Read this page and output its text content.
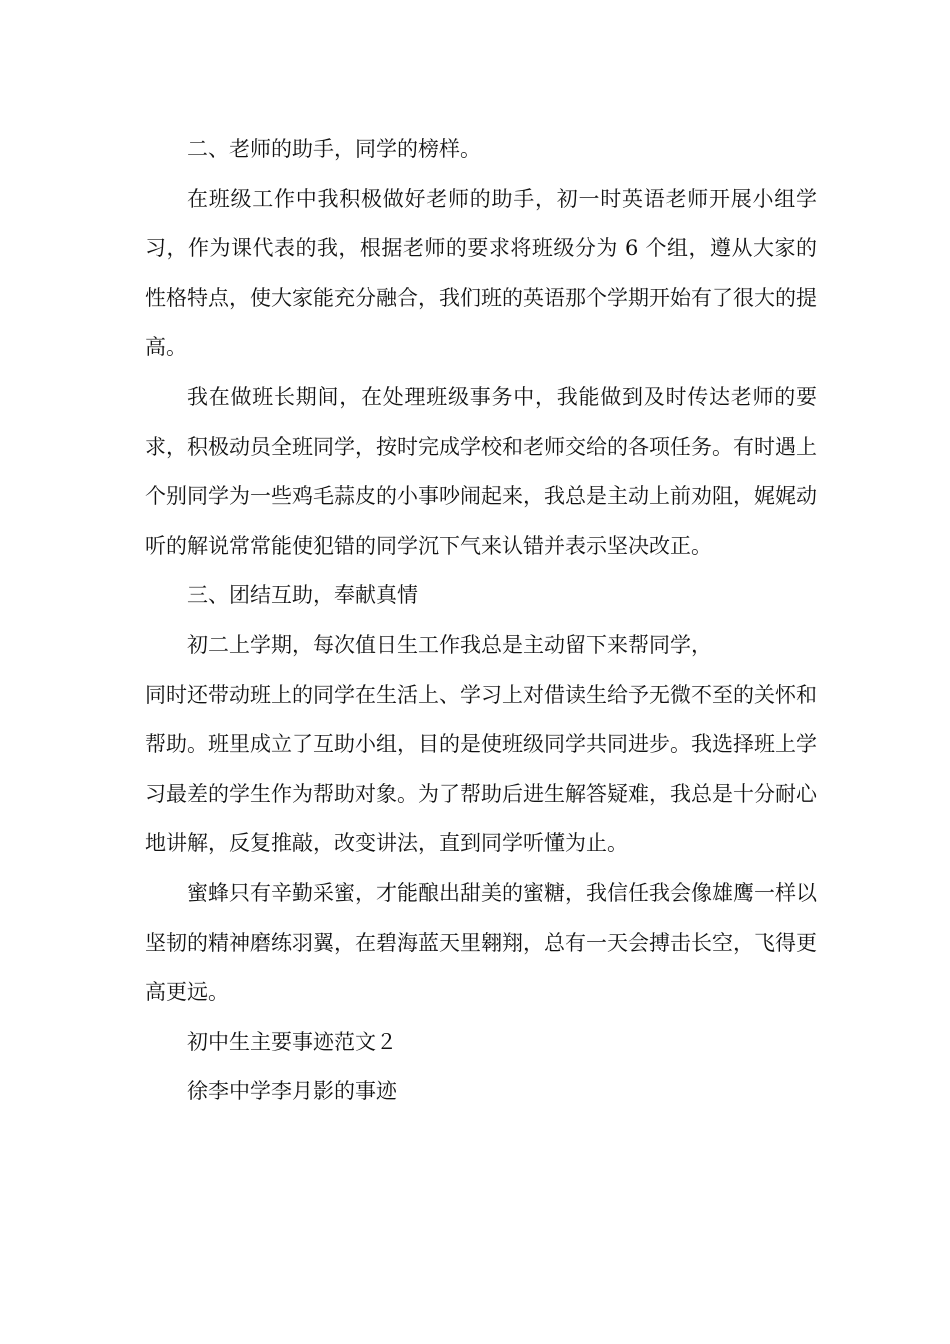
二、老师的助手，同学的榜样。

在班级工作中我积极做好老师的助手，初一时英语老师开展小组学习，作为课代表的我，根据老师的要求将班级分为 6 个组，遵从大家的性格特点，使大家能充分融合，我们班的英语那个学期开始有了很大的提高。

我在做班长期间，在处理班级事务中，我能做到及时传达老师的要求，积极动员全班同学，按时完成学校和老师交给的各项任务。有时遇上个别同学为一些鸡毛蒜皮的小事吵闹起来，我总是主动上前劝阻，娓娓动听的解说常常能使犯错的同学沉下气来认错并表示坚决改正。

三、团结互助，奉献真情

初二上学期，每次值日生工作我总是主动留下来帮同学，

同时还带动班上的同学在生活上、学习上对借读生给予无微不至的关怀和帮助。班里成立了互助小组，目的是使班级同学共同进步。我选择班上学习最差的学生作为帮助对象。为了帮助后进生解答疑难，我总是十分耐心地讲解，反复推敲，改变讲法，直到同学听懂为止。

蜜蜂只有辛勤采蜜，才能酿出甜美的蜜糖，我信任我会像雄鹰一样以坚韧的精神磨练羽翼，在碧海蓝天里翱翔，总有一天会搏击长空，飞得更高更远。

初中生主要事迹范文２

徐李中学李月影的事迹
